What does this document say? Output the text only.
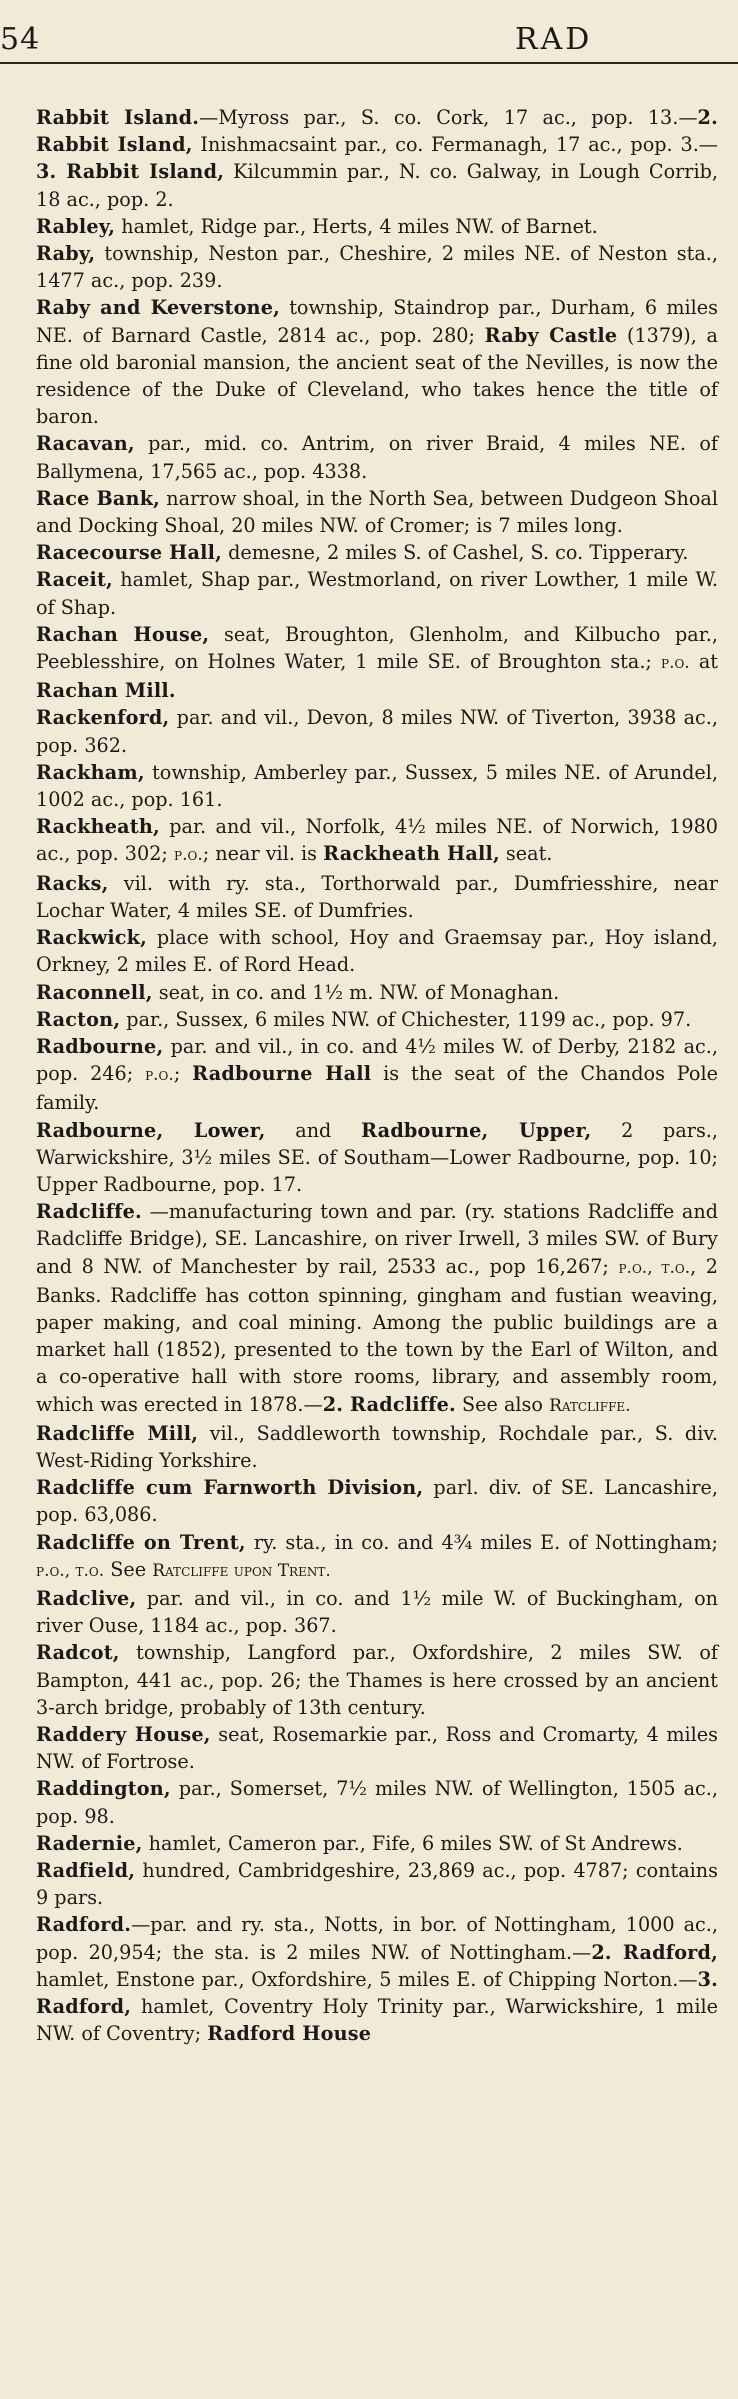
54	RAD

Rabbit Island.—Myross par., S. co. Cork, 17 ac., pop. 13.—2. Rabbit Island, Inishmacsaint par., co. Fermanagh, 17 ac., pop. 3.—3. Rabbit Island, Kilcummin par., N. co. Galway, in Lough Corrib, 18 ac., pop. 2.

Rabley, hamlet, Ridge par., Herts, 4 miles NW. of Barnet.

Raby, township, Neston par., Cheshire, 2 miles NE. of Neston sta., 1477 ac., pop. 239.

Raby and Keverstone, township, Staindrop par., Durham, 6 miles NE. of Barnard Castle, 2814 ac., pop. 280; Raby Castle (1379), a fine old baronial mansion, the ancient seat of the Nevilles, is now the residence of the Duke of Cleveland, who takes hence the title of baron.

Racavan, par., mid. co. Antrim, on river Braid, 4 miles NE. of Ballymena, 17,565 ac., pop. 4338.

Race Bank, narrow shoal, in the North Sea, between Dudgeon Shoal and Docking Shoal, 20 miles NW. of Cromer; is 7 miles long.

Racecourse Hall, demesne, 2 miles S. of Cashel, S. co. Tipperary.

Raceit, hamlet, Shap par., Westmorland, on river Lowther, 1 mile W. of Shap.

Rachan House, seat, Broughton, Glenholm, and Kilbucho par., Peeblesshire, on Holnes Water, 1 mile SE. of Broughton sta.; p.o. at Rachan Mill.

Rackenford, par. and vil., Devon, 8 miles NW. of Tiverton, 3938 ac., pop. 362.

Rackham, township, Amberley par., Sussex, 5 miles NE. of Arundel, 1002 ac., pop. 161.

Rackheath, par. and vil., Norfolk, 4½ miles NE. of Norwich, 1980 ac., pop. 302; p.o.; near vil. is Rackheath Hall, seat.

Racks, vil. with ry. sta., Torthorwald par., Dumfriesshire, near Lochar Water, 4 miles SE. of Dumfries.

Rackwick, place with school, Hoy and Graemsay par., Hoy island, Orkney, 2 miles E. of Rord Head.

Raconnell, seat, in co. and 1½ m. NW. of Monaghan.

Racton, par., Sussex, 6 miles NW. of Chichester, 1199 ac., pop. 97.

Radbourne, par. and vil., in co. and 4½ miles W. of Derby, 2182 ac., pop. 246; p.o.; Radbourne Hall is the seat of the Chandos Pole family.

Radbourne, Lower, and Radbourne, Upper, 2 pars., Warwickshire, 3½ miles SE. of Southam—Lower Radbourne, pop. 10; Upper Radbourne, pop. 17.

Radcliffe. —manufacturing town and par. (ry. stations Radcliffe and Radcliffe Bridge), SE. Lancashire, on river Irwell, 3 miles SW. of Bury and 8 NW. of Manchester by rail, 2533 ac., pop 16,267; p.o., t.o., 2 Banks. Radcliffe has cotton spinning, gingham and fustian weaving, paper making, and coal mining. Among the public buildings are a market hall (1852), presented to the town by the Earl of Wilton, and a co-operative hall with store rooms, library, and assembly room, which was erected in 1878.—2. Radcliffe. See also Ratcliffe.

Radcliffe Mill, vil., Saddleworth township, Rochdale par., S. div. West-Riding Yorkshire.

Radcliffe cum Farnworth Division, parl. div. of SE. Lancashire, pop. 63,086.

Radcliffe on Trent, ry. sta., in co. and 4¾ miles E. of Nottingham; p.o., t.o. See Ratcliffe upon Trent.

Radclive, par. and vil., in co. and 1½ mile W. of Buckingham, on river Ouse, 1184 ac., pop. 367.

Radcot, township, Langford par., Oxfordshire, 2 miles SW. of Bampton, 441 ac., pop. 26; the Thames is here crossed by an ancient 3-arch bridge, probably of 13th century.

Raddery House, seat, Rosemarkie par., Ross and Cromarty, 4 miles NW. of Fortrose.

Raddington, par., Somerset, 7½ miles NW. of Wellington, 1505 ac., pop. 98.

Radernie, hamlet, Cameron par., Fife, 6 miles SW. of St Andrews.

Radfield, hundred, Cambridgeshire, 23,869 ac., pop. 4787; contains 9 pars.

Radford.—par. and ry. sta., Notts, in bor. of Nottingham, 1000 ac., pop. 20,954; the sta. is 2 miles NW. of Nottingham.—2. Radford, hamlet, Enstone par., Oxfordshire, 5 miles E. of Chipping Norton.—3. Radford, hamlet, Coventry Holy Trinity par., Warwickshire, 1 mile NW. of Coventry; Radford House
